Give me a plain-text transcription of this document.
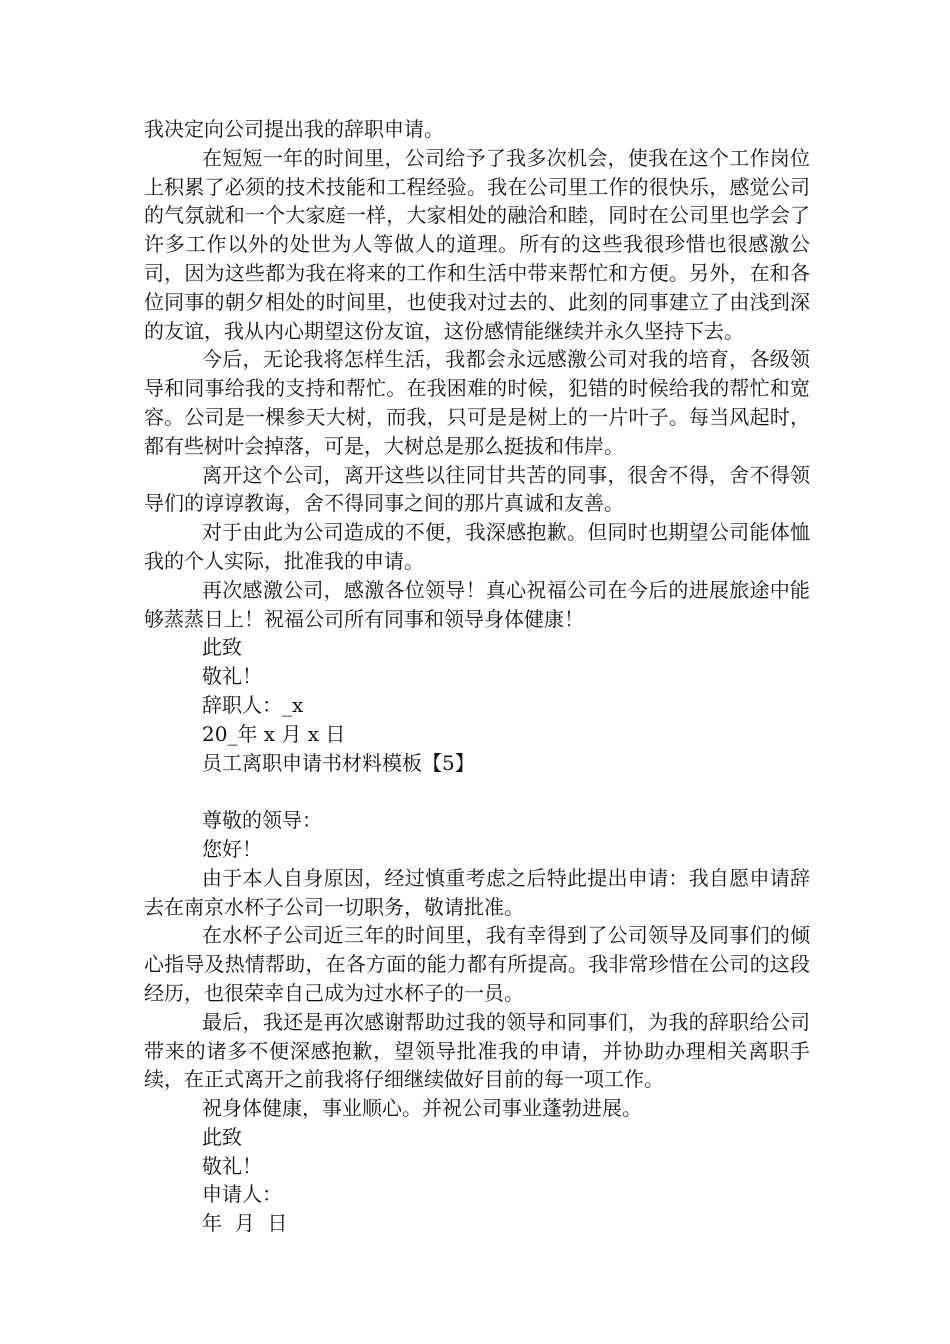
我决定向公司提出我的辞职申请。

在短短一年的时间里，公司给予了我多次机会，使我在这个工作岗位上积累了必须的技术技能和工程经验。我在公司里工作的很快乐，感觉公司的气氛就和一个大家庭一样，大家相处的融洽和睦，同时在公司里也学会了许多工作以外的处世为人等做人的道理。所有的这些我很珍惜也很感激公司，因为这些都为我在将来的工作和生活中带来帮忙和方便。另外，在和各位同事的朝夕相处的时间里，也使我对过去的、此刻的同事建立了由浅到深的友谊，我从内心期望这份友谊，这份感情能继续并永久坚持下去。

今后，无论我将怎样生活，我都会永远感激公司对我的培育，各级领导和同事给我的支持和帮忙。在我困难的时候，犯错的时候给我的帮忙和宽容。公司是一棵参天大树，而我，只可是是树上的一片叶子。每当风起时，都有些树叶会掉落，可是，大树总是那么挺拔和伟岸。

离开这个公司，离开这些以往同甘共苦的同事，很舍不得，舍不得领导们的谆谆教诲，舍不得同事之间的那片真诚和友善。

对于由此为公司造成的不便，我深感抱歉。但同时也期望公司能体恤我的个人实际，批准我的申请。

再次感激公司，感激各位领导！真心祝福公司在今后的进展旅途中能够蒸蒸日上！祝福公司所有同事和领导身体健康！

此致

敬礼！

辞职人：_x

20_年 x 月 x 日

员工离职申请书材料模板【5】

尊敬的领导：

您好！

由于本人自身原因，经过慎重考虑之后特此提出申请：我自愿申请辞去在南京水杯子公司一切职务，敬请批准。

在水杯子公司近三年的时间里，我有幸得到了公司领导及同事们的倾心指导及热情帮助，在各方面的能力都有所提高。我非常珍惜在公司的这段经历，也很荣幸自己成为过水杯子的一员。

最后，我还是再次感谢帮助过我的领导和同事们，为我的辞职给公司带来的诸多不便深感抱歉，望领导批准我的申请，并协助办理相关离职手续，在正式离开之前我将仔细继续做好目前的每一项工作。

祝身体健康，事业顺心。并祝公司事业蓬勃进展。

此致

敬礼！

申请人：

年  月  日
